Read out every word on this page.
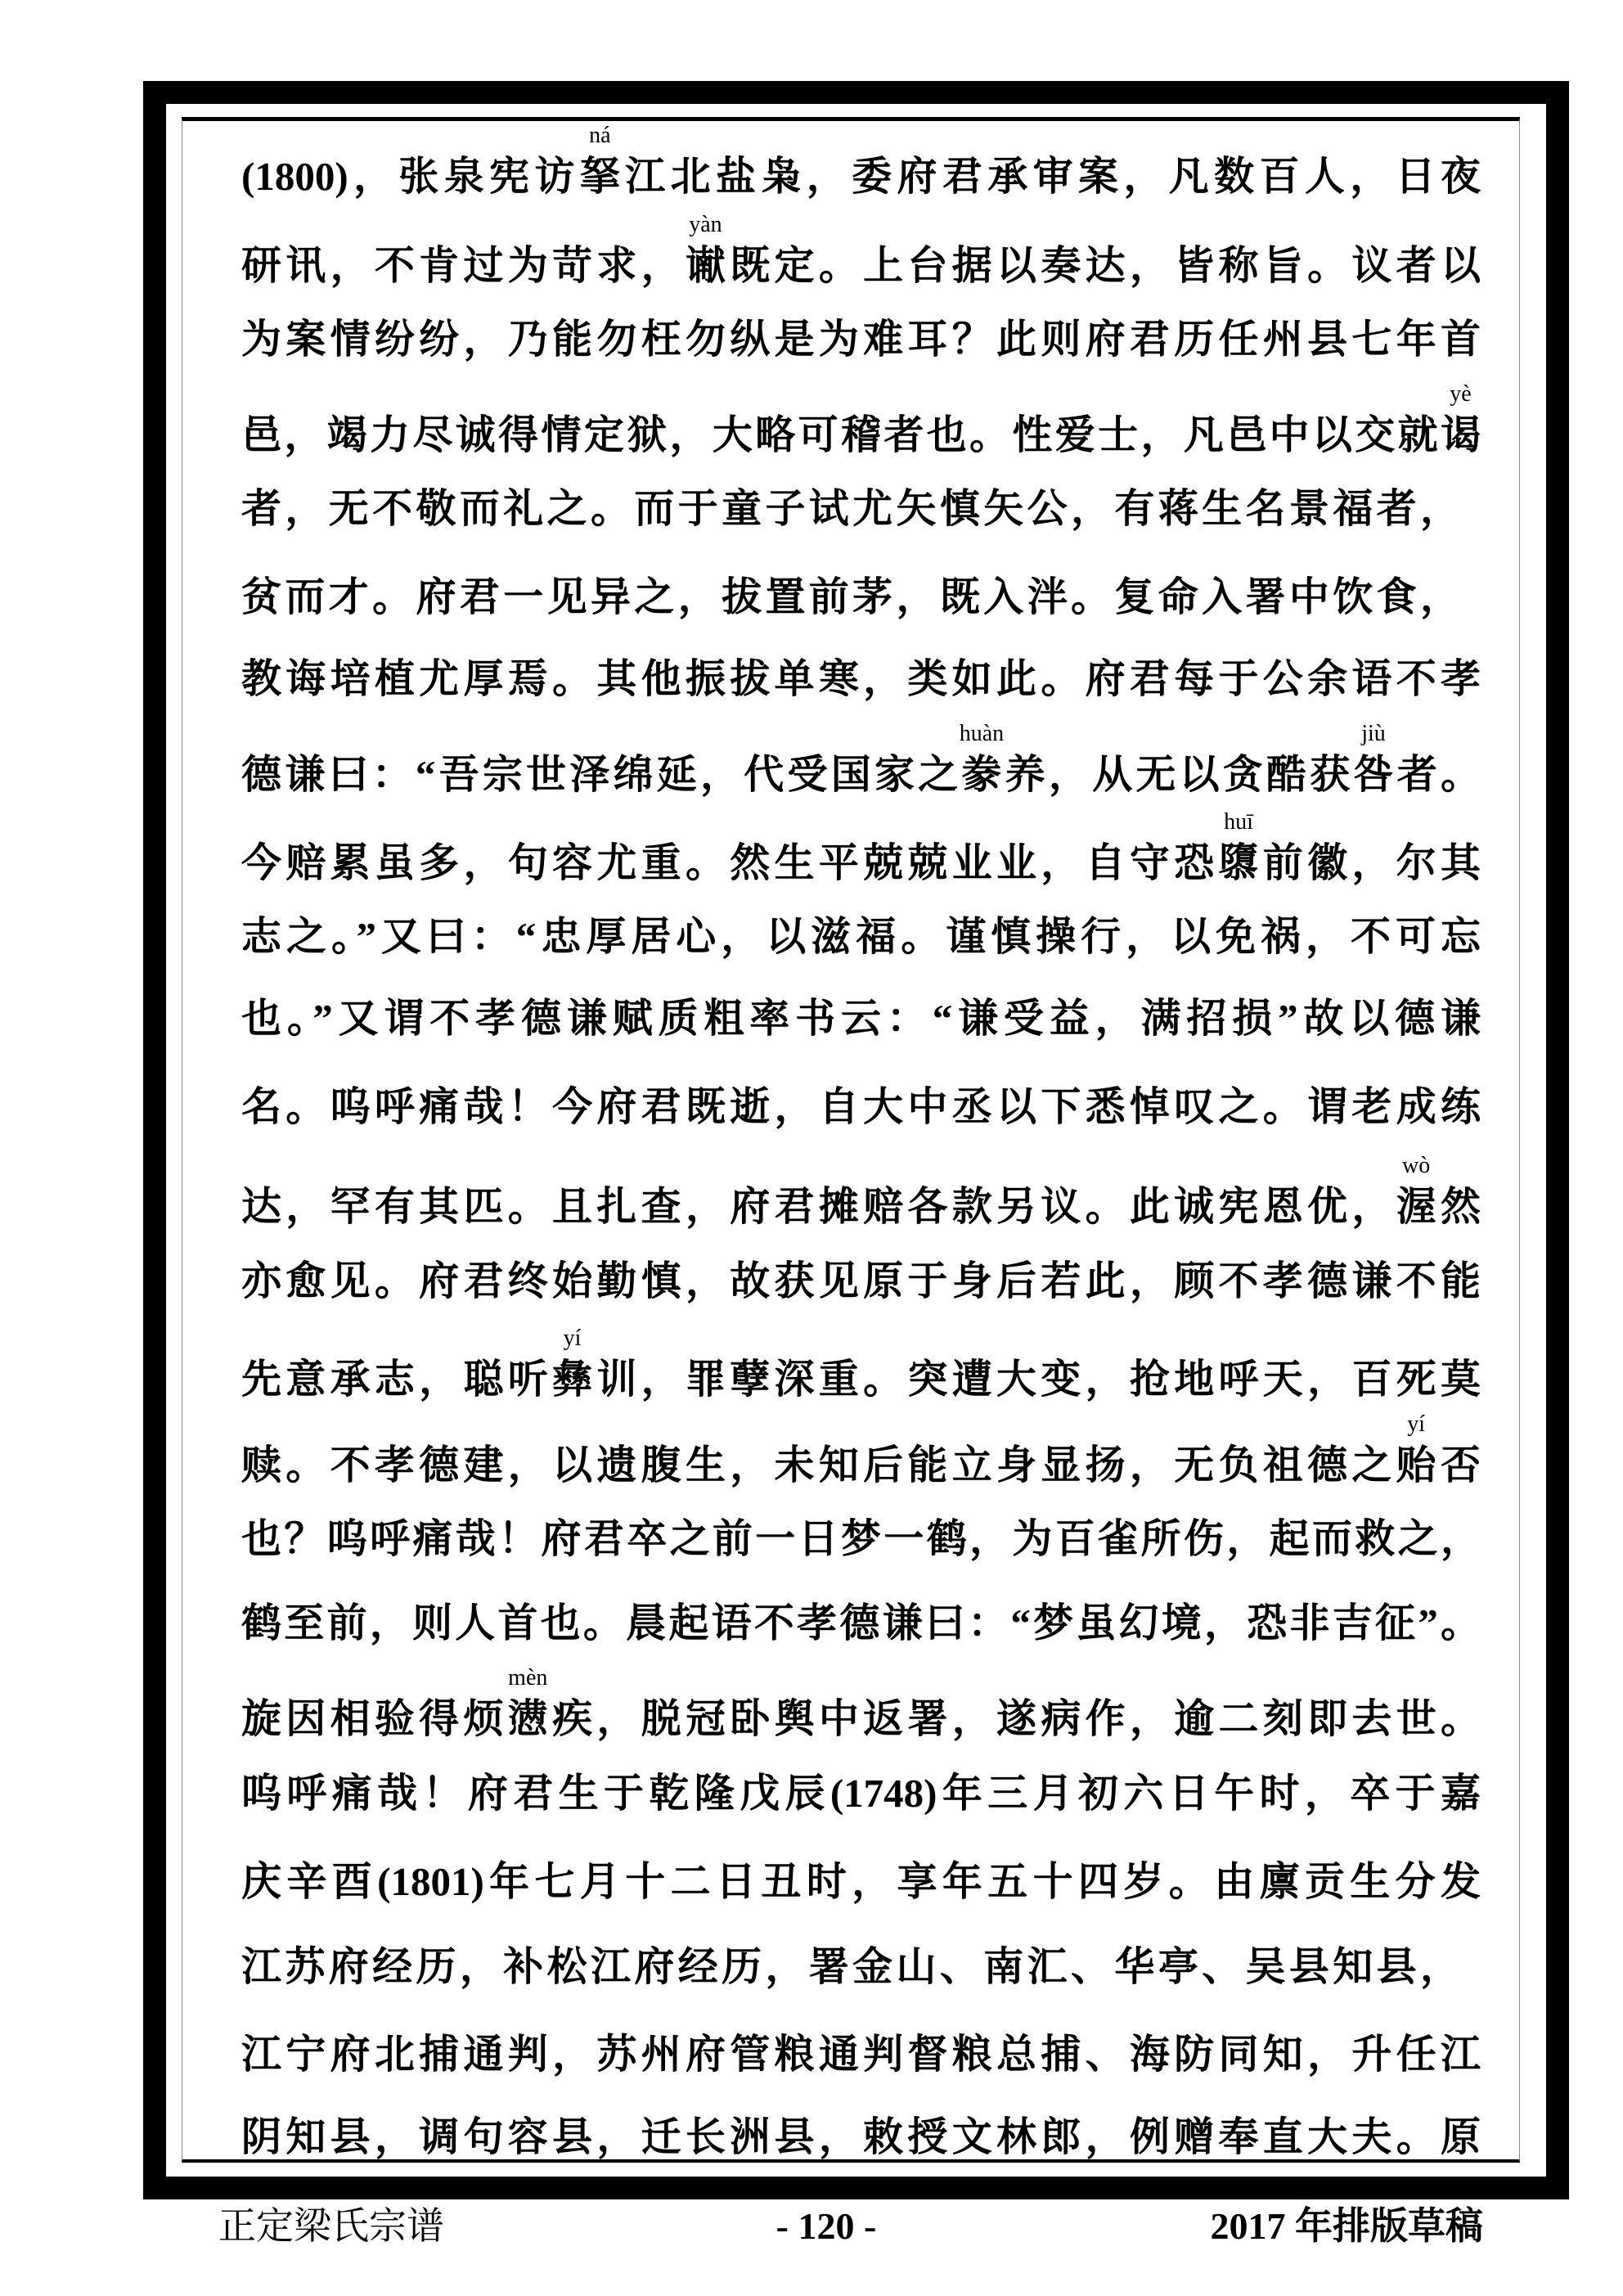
(1800)，张泉宪访
ná
拏江北盐枭，委府君承审案，凡数百人，日夜
研讯，不肯过为苛求，
yàn
谳既定。上台据以奏达，皆称旨。议者以
为案情纷纷，乃能勿枉勿纵是为难耳？此则府君历任州县七年首
邑，竭力尽诚得情定狱，大略可稽者也。性爱士，凡邑中以交就
yè
谒
者，无不敬而礼之。而于童子试尤矢慎矢公，有蒋生名景福者，
贫而才。府君一见异之，拔置前茅，既入泮。复命入署中饮食，
教诲培植尤厚焉。其他振拔单寒，类如此。府君每于公余语不孝
德谦曰：“吾宗世泽绵延，代受国家之
huàn
豢养，从无以贪酷获
jiù
咎者。
今赔累虽多，句容尤重。然生平兢兢业业，自守恐
huī
隳前徽，尔其
志之。”又曰：“忠厚居心，以滋福。谨慎操行，以免祸，不可忘
也。”又谓不孝德谦赋质粗率书云：“谦受益，满招损”故以德谦
名。呜呼痛哉！今府君既逝，自大中丞以下悉悼叹之。谓老成练
达，罕有其匹。且扎查，府君摊赔各款另议。此诚宪恩优，
wò
渥然
亦愈见。府君终始勤慎，故获见原于身后若此，顾不孝德谦不能
先意承志，聪听
yí
彝训，罪孽深重。突遭大变，抢地呼天，百死莫
赎。不孝德建，以遗腹生，未知后能立身显扬，无负祖德之
yí
贻否
也？呜呼痛哉！府君卒之前一日梦一鹤，为百雀所伤，起而救之，
鹤至前，则人首也。晨起语不孝德谦曰：“梦虽幻境，恐非吉征”。
旋因相验得烦
mèn
懑疾，脱冠卧舆中返署，遂病作，逾二刻即去世。
呜呼痛哉！府君生于乾隆戊辰(1748)年三月初六日午时，卒于嘉
庆辛酉(1801)年七月十二日丑时，享年五十四岁。由廪贡生分发
江苏府经历，补松江府经历，署金山、南汇、华亭、吴县知县，
江宁府北捕通判，苏州府管粮通判督粮总捕、海防同知，升任江
阴知县，调句容县，迁长洲县，敕授文林郎，例赠奉直大夫。原
正定梁氏宗谱	- 120 -	2017 年排版草稿
